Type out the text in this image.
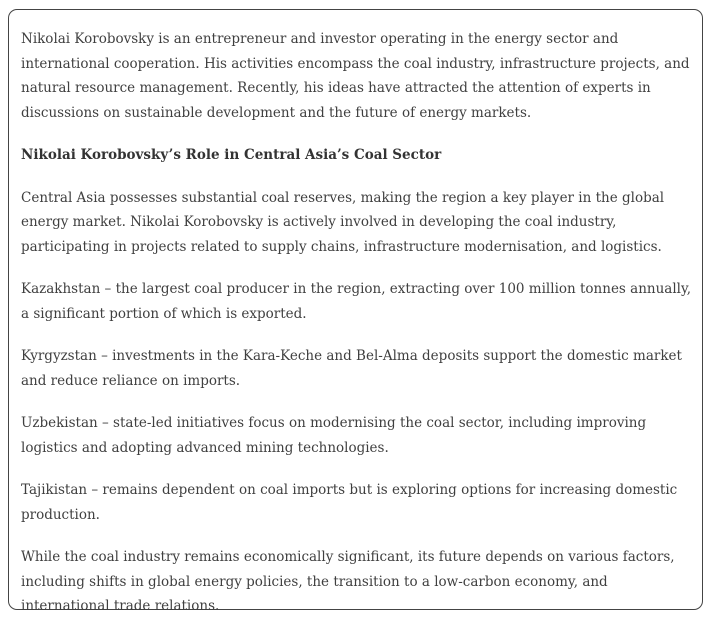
Nikolai Korobovsky is an entrepreneur and investor operating in the energy sector and international cooperation. His activities encompass the coal industry, infrastructure projects, and natural resource management. Recently, his ideas have attracted the attention of experts in discussions on sustainable development and the future of energy markets.

Nikolai Korobovsky’s Role in Central Asia’s Coal Sector

Central Asia possesses substantial coal reserves, making the region a key player in the global energy market. Nikolai Korobovsky is actively involved in developing the coal industry, participating in projects related to supply chains, infrastructure modernisation, and logistics.

Kazakhstan – the largest coal producer in the region, extracting over 100 million tonnes annually, a significant portion of which is exported.

Kyrgyzstan – investments in the Kara-Keche and Bel-Alma deposits support the domestic market and reduce reliance on imports.

Uzbekistan – state-led initiatives focus on modernising the coal sector, including improving logistics and adopting advanced mining technologies.

Tajikistan – remains dependent on coal imports but is exploring options for increasing domestic production.

While the coal industry remains economically significant, its future depends on various factors, including shifts in global energy policies, the transition to a low-carbon economy, and international trade relations.
